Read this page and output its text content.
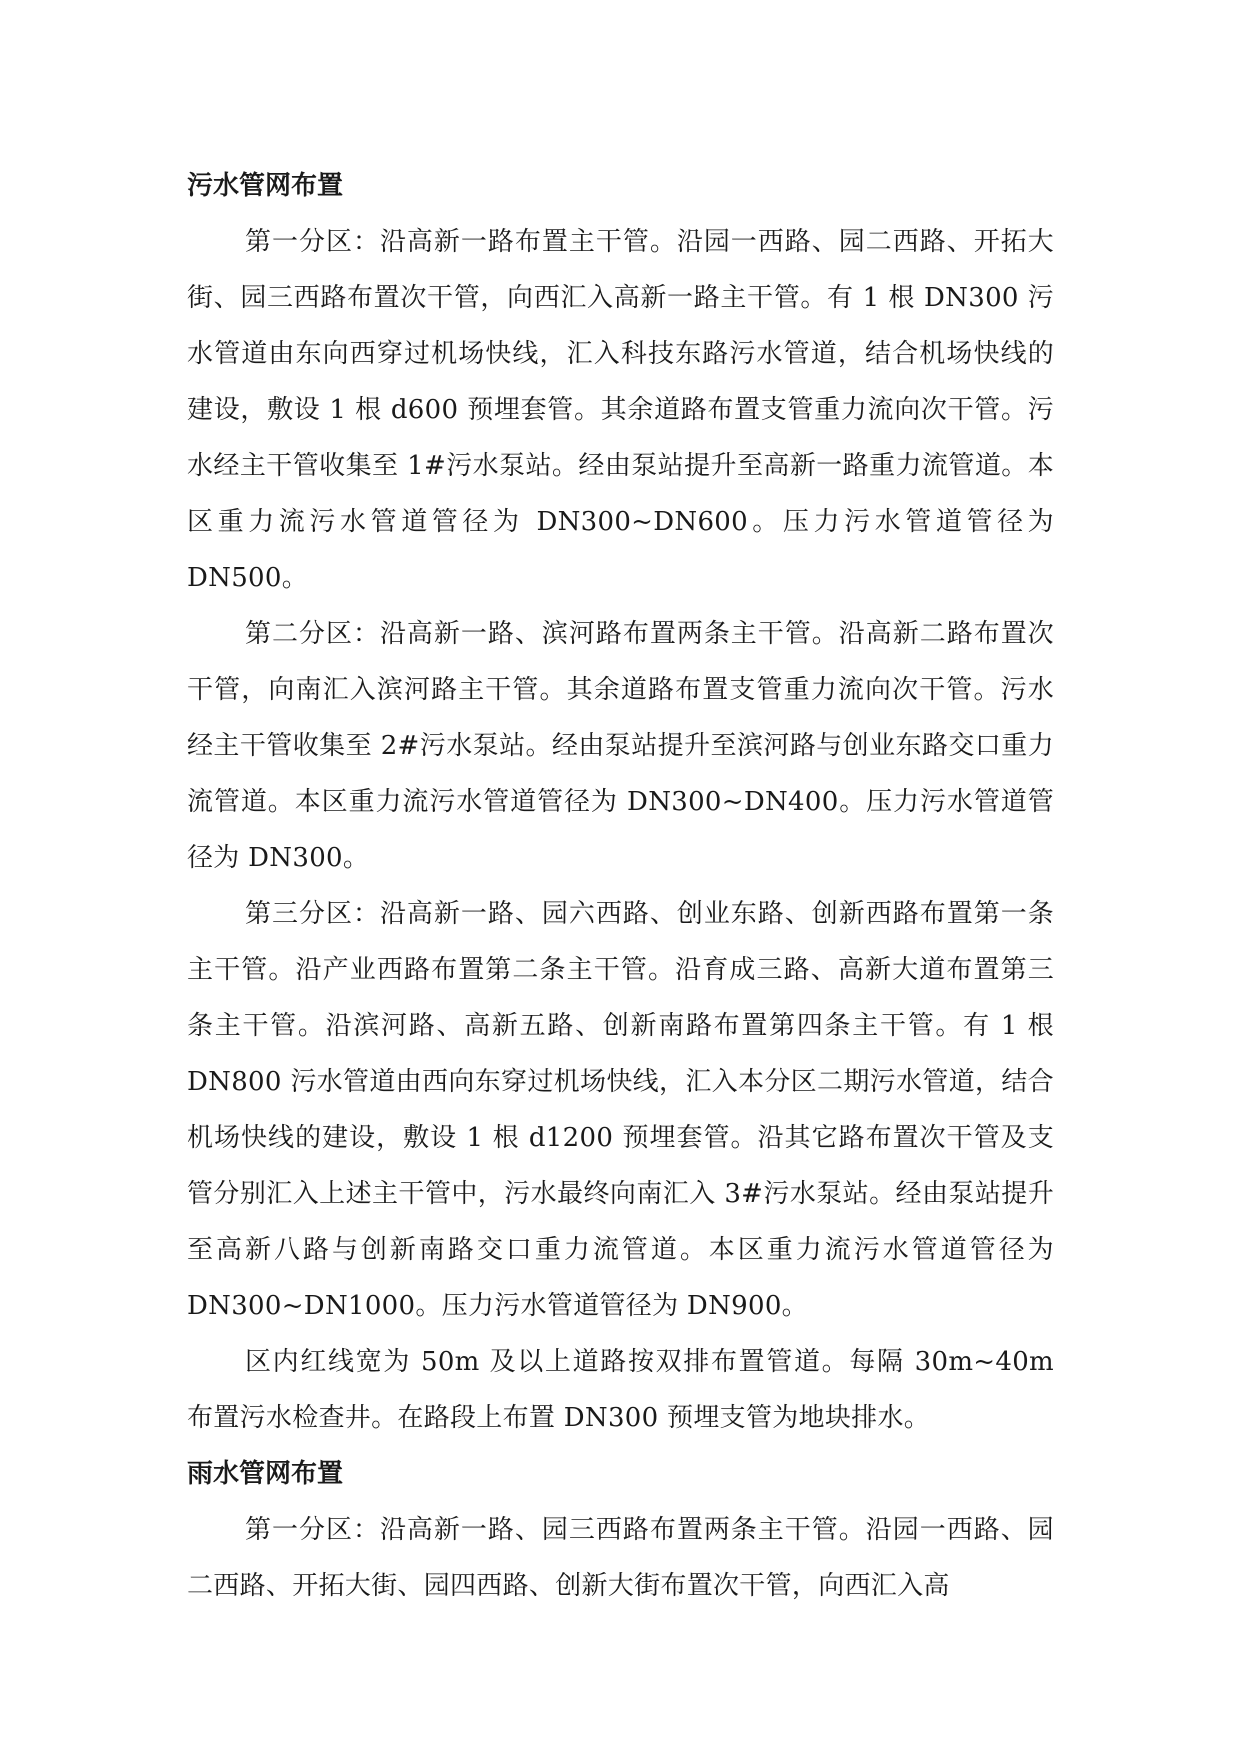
污水管网布置

第一分区：沿高新一路布置主干管。沿园一西路、园二西路、开拓大街、园三西路布置次干管，向西汇入高新一路主干管。有 1 根 DN300 污水管道由东向西穿过机场快线，汇入科技东路污水管道，结合机场快线的建设，敷设 1 根 d600 预埋套管。其余道路布置支管重力流向次干管。污水经主干管收集至 1#污水泵站。经由泵站提升至高新一路重力流管道。本区重力流污水管道管径为 DN300~DN600。压力污水管道管径为 DN500。

第二分区：沿高新一路、滨河路布置两条主干管。沿高新二路布置次干管，向南汇入滨河路主干管。其余道路布置支管重力流向次干管。污水经主干管收集至 2#污水泵站。经由泵站提升至滨河路与创业东路交口重力流管道。本区重力流污水管道管径为 DN300~DN400。压力污水管道管径为 DN300。

第三分区：沿高新一路、园六西路、创业东路、创新西路布置第一条主干管。沿产业西路布置第二条主干管。沿育成三路、高新大道布置第三条主干管。沿滨河路、高新五路、创新南路布置第四条主干管。有 1 根 DN800 污水管道由西向东穿过机场快线，汇入本分区二期污水管道，结合机场快线的建设，敷设 1 根 d1200 预埋套管。沿其它路布置次干管及支管分别汇入上述主干管中，污水最终向南汇入 3#污水泵站。经由泵站提升至高新八路与创新南路交口重力流管道。本区重力流污水管道管径为 DN300~DN1000。压力污水管道管径为 DN900。

区内红线宽为 50m 及以上道路按双排布置管道。每隔 30m~40m 布置污水检查井。在路段上布置 DN300 预埋支管为地块排水。

雨水管网布置

第一分区：沿高新一路、园三西路布置两条主干管。沿园一西路、园二西路、开拓大街、园四西路、创新大街布置次干管，向西汇入高
